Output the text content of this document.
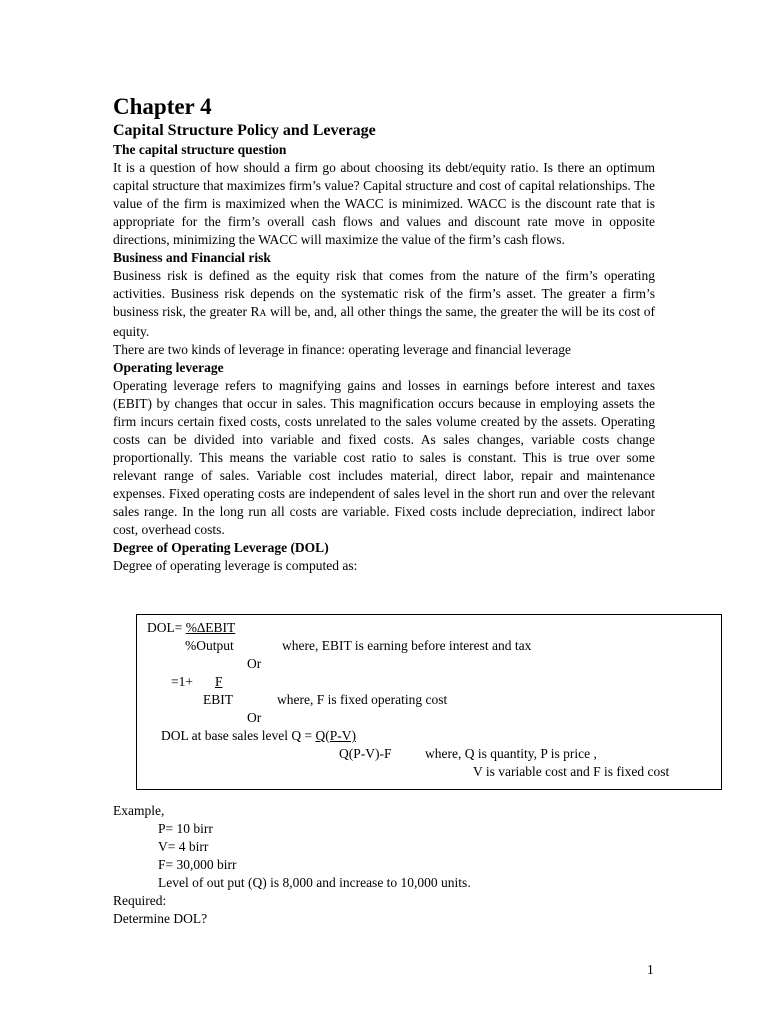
Chapter 4
Capital Structure Policy and Leverage
The capital structure question

It is a question of how should a firm go about choosing its debt/equity ratio. Is there an optimum capital structure that maximizes firm’s value? Capital structure and cost of capital relationships. The value of the firm is maximized when the WACC is minimized. WACC is the discount rate that is appropriate for the firm’s overall cash flows and values and discount rate move in opposite directions, minimizing the WACC will maximize the value of the firm’s cash flows.

Business and Financial risk

Business risk is defined as the equity risk that comes from the nature of the firm’s operating activities. Business risk depends on the systematic risk of the firm’s asset. The greater a firm’s business risk, the greater RA will be, and, all other things the same, the greater the will be its cost of equity.

There are two kinds of leverage in finance: operating leverage and financial leverage

Operating leverage

Operating leverage refers to magnifying gains and losses in earnings before interest and taxes (EBIT) by changes that occur in sales. This magnification occurs because in employing assets the firm incurs certain fixed costs, costs unrelated to the sales volume created by the assets. Operating costs can be divided into variable and fixed costs. As sales changes, variable costs change proportionally. This means the variable cost ratio to sales is constant. This is true over some relevant range of sales. Variable cost includes material, direct labor, repair and maintenance expenses. Fixed operating costs are independent of sales level in the short run and over the relevant sales range. In the long run all costs are variable. Fixed costs include depreciation, indirect labor cost, overhead costs.

Degree of Operating Leverage (DOL)

Degree of operating leverage is computed as:

DOL= %∆EBIT
%Output	where, EBIT is earning before interest and tax
Or
=1+ F
EBIT	where, F is fixed operating cost
Or
DOL at base sales level Q = Q(P-V)
Q(P-V)-F where, Q is quantity, P is price ,
V is variable cost and F is fixed cost
Example,
P= 10 birr
V= 4 birr
F= 30,000 birr
Level of out put (Q) is 8,000 and increase to 10,000 units.
Required:
Determine DOL?
1
